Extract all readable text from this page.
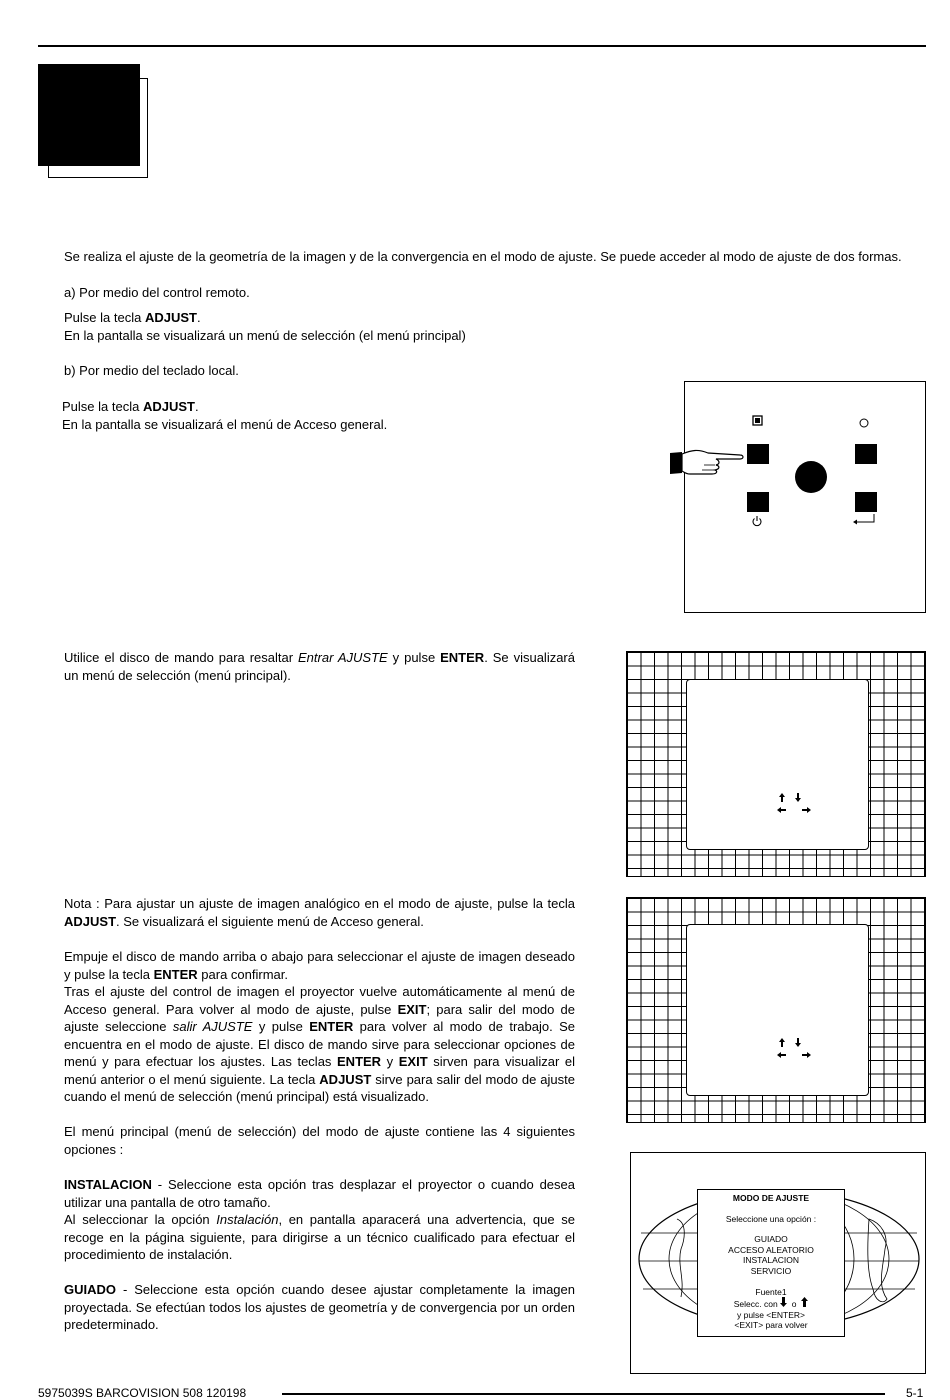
Se realiza el ajuste de la geometría de la imagen y de la convergencia en el modo de ajuste. Se puede acceder al modo de ajuste de dos formas.

a) Por medio del control remoto.

Pulse la tecla ADJUST.

En la pantalla se visualizará un menú de selección (el menú principal)

b) Por medio del teclado local.

Pulse la tecla ADJUST.

En la pantalla se visualizará el menú de Acceso general.

Utilice el disco de mando para resaltar Entrar AJUSTE y pulse ENTER. Se visualizará un menú de selección (menú principal).

Nota : Para ajustar un ajuste de imagen analógico en el modo de ajuste, pulse la tecla ADJUST. Se visualizará el siguiente menú de Acceso general.

Empuje el disco de mando arriba o abajo para seleccionar el ajuste de imagen deseado y pulse la tecla ENTER para confirmar.

Tras el ajuste del control de imagen el proyector vuelve automáticamente al menú de Acceso general. Para volver al modo de ajuste, pulse EXIT; para salir del modo de ajuste seleccione salir AJUSTE y pulse ENTER para volver al modo de trabajo. Se encuentra en el modo de ajuste. El disco de mando sirve para seleccionar opciones de menú y para efectuar los ajustes. Las teclas ENTER y EXIT sirven para visualizar el menú anterior o el menú siguiente. La tecla ADJUST sirve para salir del modo de ajuste cuando el menú de selección (menú principal) está visualizado.

El menú principal (menú de selección) del modo de ajuste contiene las 4 siguientes opciones :

INSTALACION - Seleccione esta opción tras desplazar el proyector o cuando desea utilizar una pantalla de otro tamaño.
Al seleccionar la opción Instalación, en pantalla aparacerá una advertencia, que se recoge en la página siguiente, para dirigirse a un técnico cualificado para efectuar el procedimiento de instalación.

GUIADO - Seleccione esta opción cuando desee ajustar completamente la imagen proyectada. Se efectúan todos los ajustes de geometría y de convergencia por un orden predeterminado.

MODO DE AJUSTE
Seleccione una opción :
GUIADO
ACCESO ALEATORIO
INSTALACION
SERVICIO
Fuente1
Selecc. con o
y pulse <ENTER>
<EXIT> para volver
5975039S BARCOVISION 508 120198	5-1
